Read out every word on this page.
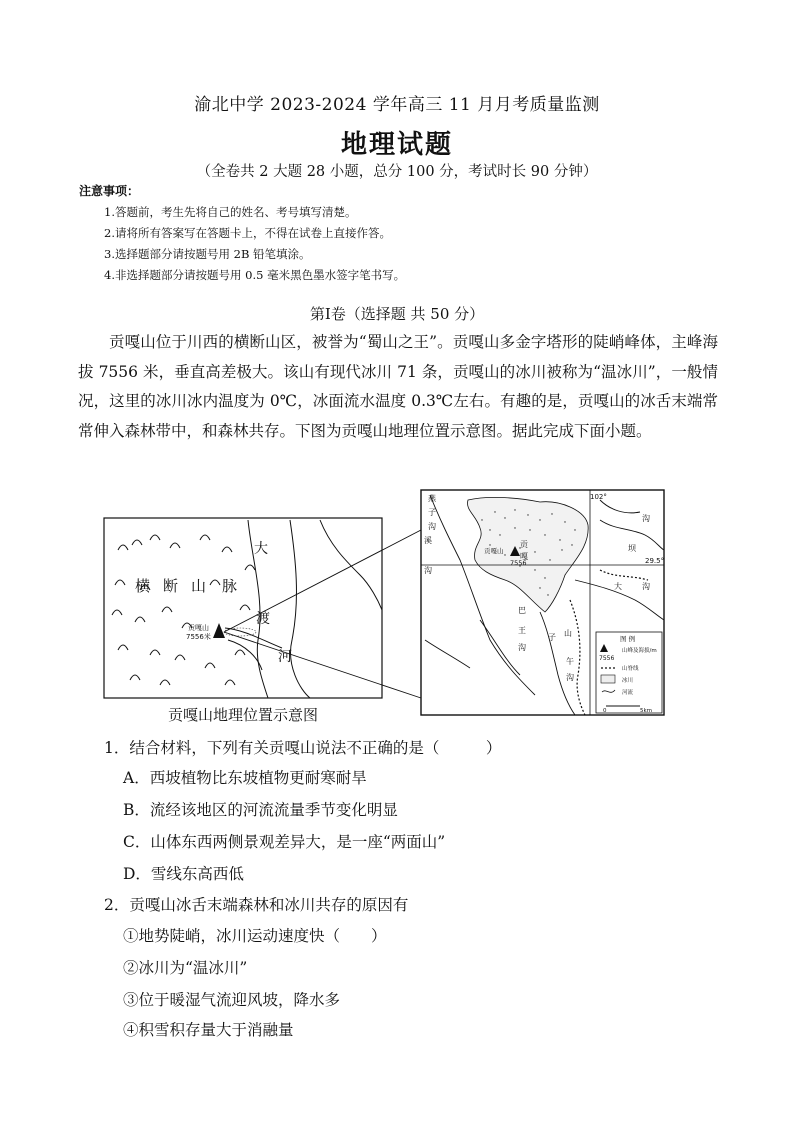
渝北中学 2023-2024 学年高三 11 月月考质量监测
地理试题
（全卷共 2 大题 28 小题，总分 100 分，考试时长 90 分钟）
注意事项：
1.答题前，考生先将自己的姓名、考号填写清楚。
2.请将所有答案写在答题卡上，不得在试卷上直接作答。
3.选择题部分请按题号用 2B 铅笔填涂。
4.非选择题部分请按题号用 0.5 毫米黑色墨水签字笔书写。
第Ⅰ卷（选择题 共 50 分）
贡嘎山位于川西的横断山区，被誉为“蜀山之王”。贡嘎山多金字塔形的陡峭峰体，主峰海拔 7556 米，垂直高差极大。该山有现代冰川 71 条，贡嘎山的冰川被称为“温冰川”，一般情况，这里的冰川冰内温度为 0℃，冰面流水温度 0.3℃左右。有趣的是，贡嘎山的冰舌末端常常伸入森林带中，和森林共存。下图为贡嘎山地理位置示意图。据此完成下面小题。
大
渡
河
横 断 山 脉
贡嘎山
7556米
102°
29.5°
贡嘎山
7556
燕
子
沟
溪
沟
贡
嘎
巴
王
沟
子 山
午
沟
大	沟
沟
坝
图 例
7556
山峰及海拔/m
山脊线
冰川
河流
0	5km
贡嘎山地理位置示意图
1．结合材料，下列有关贡嘎山说法不正确的是（　　　）
A．西坡植物比东坡植物更耐寒耐旱
B．流经该地区的河流流量季节变化明显
C．山体东西两侧景观差异大，是一座“两面山”
D．雪线东高西低
2．贡嘎山冰舌末端森林和冰川共存的原因有
①地势陡峭，冰川运动速度快（　　）
②冰川为“温冰川”
③位于暖湿气流迎风坡，降水多
④积雪积存量大于消融量
